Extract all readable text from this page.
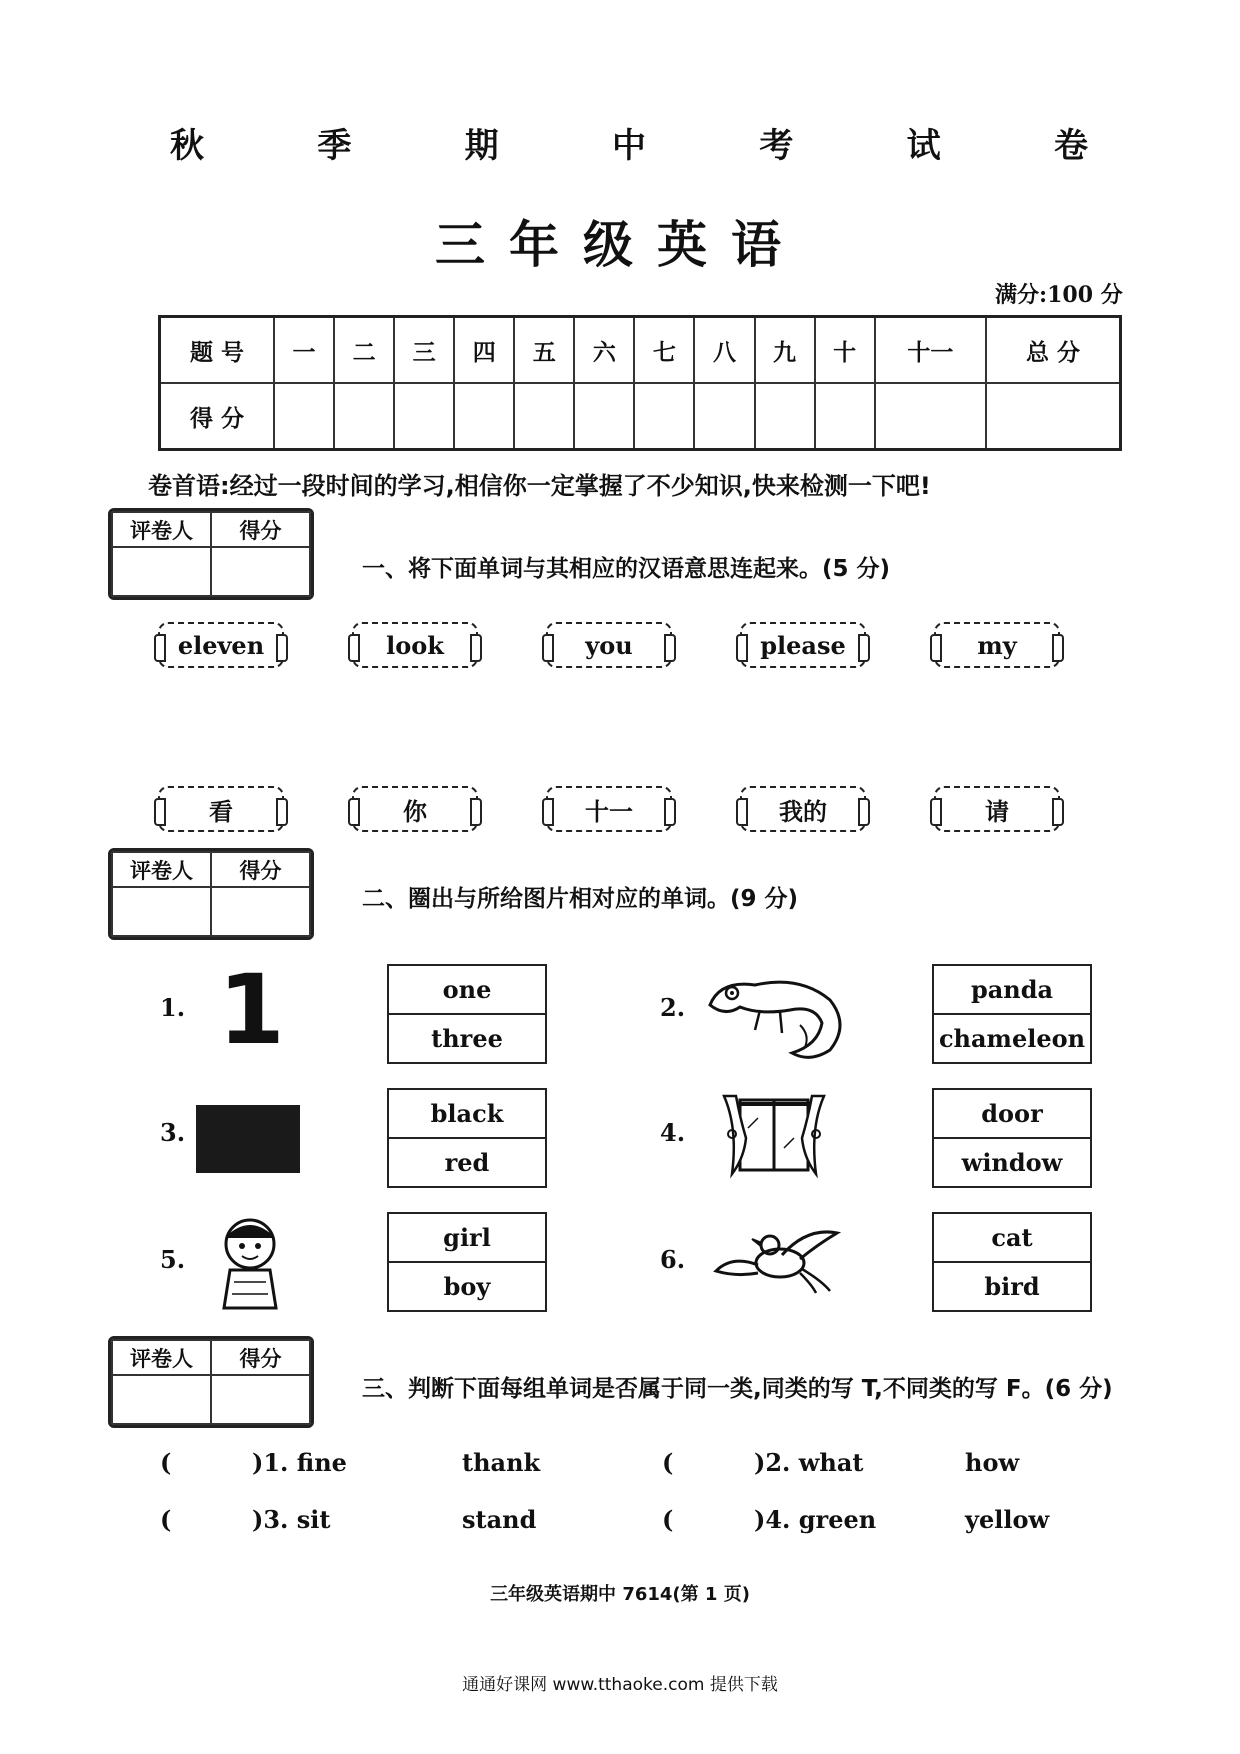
秋	季	期	中	考	试	卷
三年级英语
满分:100 分
题 号	一	二	三	四	五	六	七	八	九	十	十一	总 分
得 分												
卷首语:经过一段时间的学习,相信你一定掌握了不少知识,快来检测一下吧!
评卷人	得分

一、将下面单词与其相应的汉语意思连起来。(5 分)
eleven	look	you	please	my
看	你	十一	我的	请
评卷人	得分

二、圈出与所给图片相对应的单词。(9 分)
1. 1	one
three
2.
panda
chameleon
3.
black
red
4.
door
window
5.
girl
boy
6.
cat
bird
评卷人	得分

三、判断下面每组单词是否属于同一类,同类的写 T,不同类的写 F。(6 分)
(	)1. fine	thank	(	)2. what	how
(	)3. sit	stand	(	)4. green	yellow
三年级英语期中 7614(第 1 页)
通通好课网 www.tthaoke.com 提供下载
